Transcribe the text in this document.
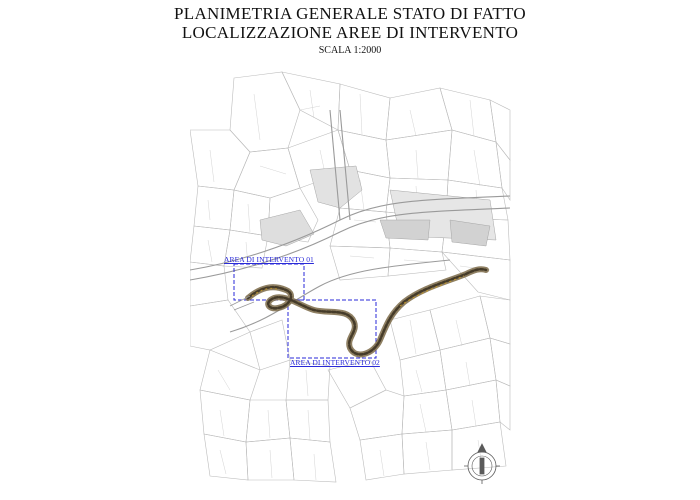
PLANIMETRIA GENERALE STATO DI FATTO
LOCALIZZAZIONE AREE DI INTERVENTO
SCALA 1:2000
AREA DI INTERVENTO 01
AREA DI INTERVENTO 02
